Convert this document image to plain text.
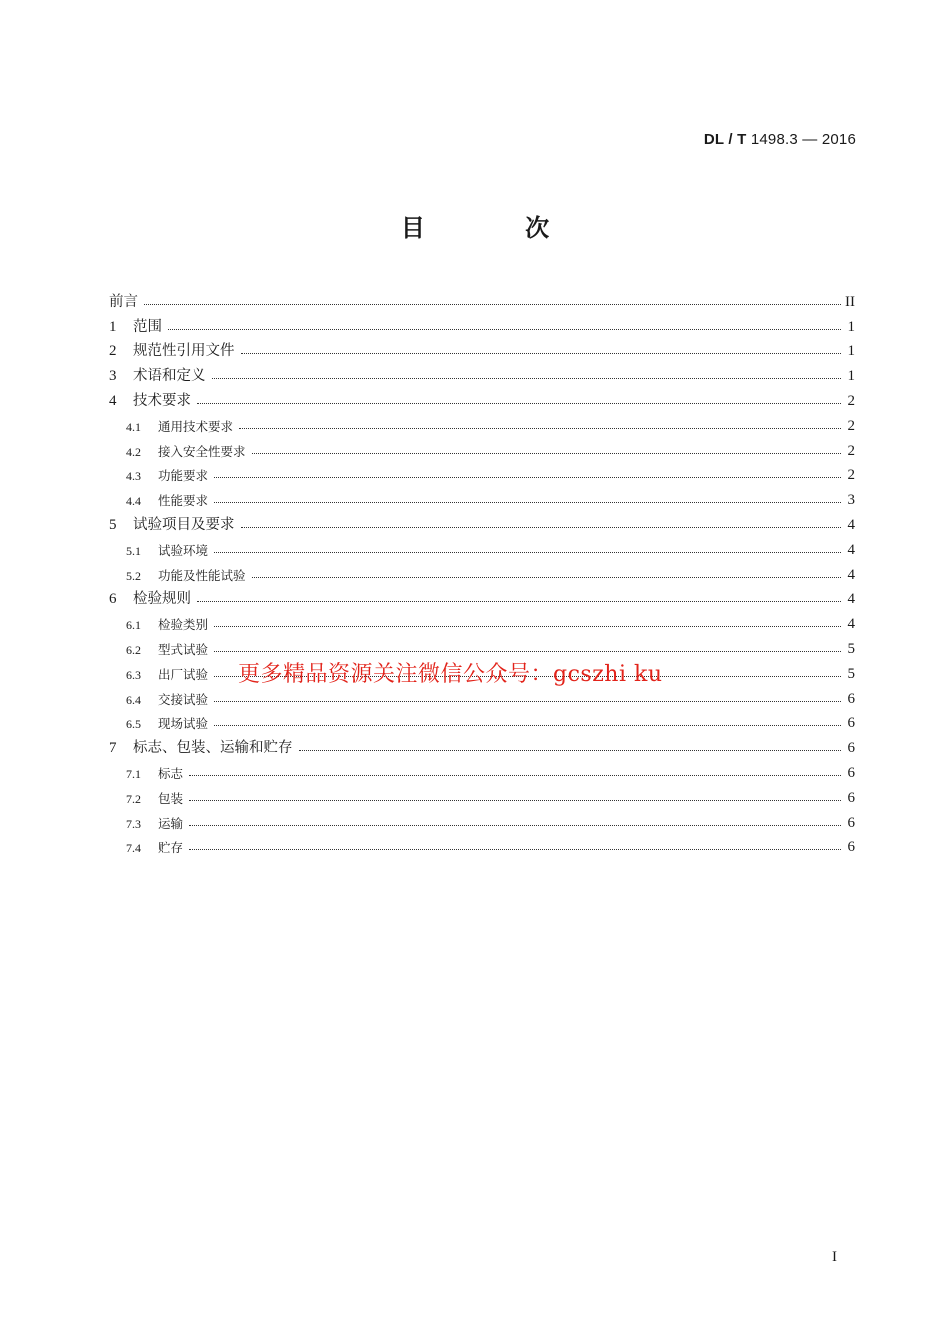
DL / T 1498.3 — 2016
目 次
前言	II
1	范围	1
2	规范性引用文件	1
3	术语和定义	1
4	技术要求	2
4.1	通用技术要求	2
4.2	接入安全性要求	2
4.3	功能要求	2
4.4	性能要求	3
5	试验项目及要求	4
5.1	试验环境	4
5.2	功能及性能试验	4
6	检验规则	4
6.1	检验类别	4
6.2	型式试验	5
6.3	出厂试验	5
6.4	交接试验	6
6.5	现场试验	6
7	标志、包装、运输和贮存	6
7.1	标志	6
7.2	包装	6
7.3	运输	6
7.4	贮存	6
更多精品资源关注微信公众号：gcszhi ku
I
